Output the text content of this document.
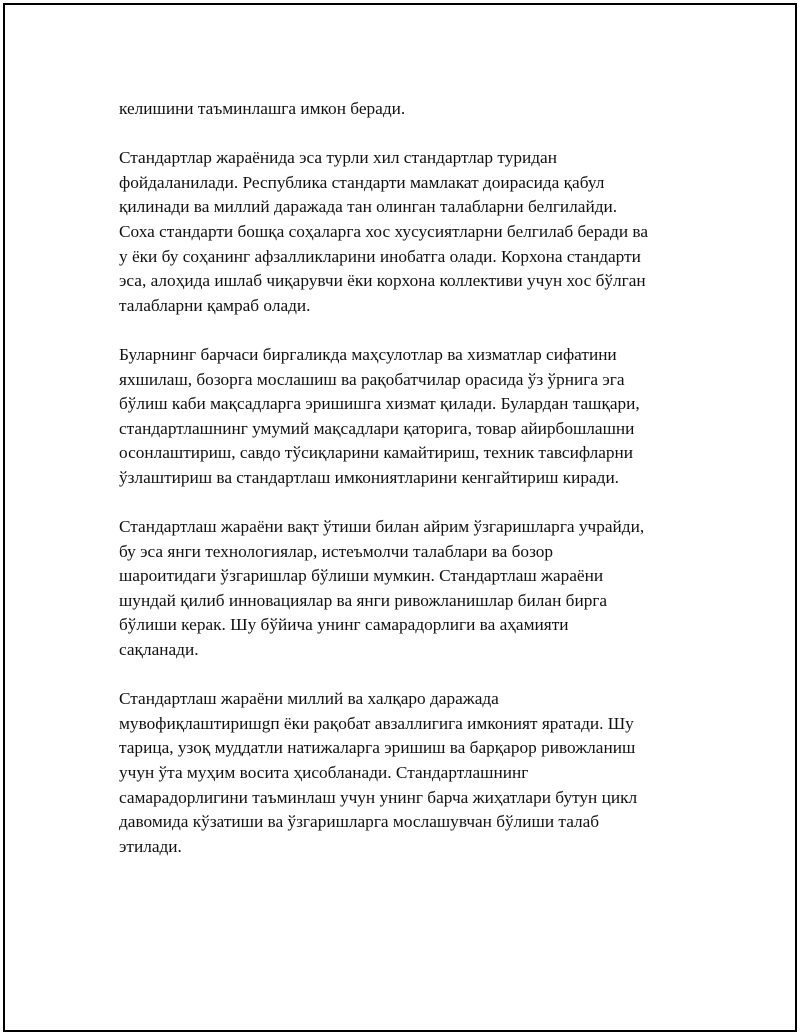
келишини таъминлашга имкон беради.

Стандартлар жараёнида эса турли хил стандартлар туридан
фойдаланилади. Республика стандарти мамлакат доирасида қабул
қилинади ва миллий даражада тан олинган талабларни белгилайди.
Соха стандарти бошқа соҳаларга хос хусусиятларни белгилаб беради ва
у ёки бу соҳанинг афзалликларини инобатга олади. Корхона стандарти
эса, алоҳида ишлаб чиқарувчи ёки корхона коллективи учун хос бўлган
талабларни қамраб олади.

Буларнинг барчаси биргаликда маҳсулотлар ва хизматлар сифатини
яхшилаш, бозорга мослашиш ва рақобатчилар орасида ўз ўрнига эга
бўлиш каби мақсадларга эришишга хизмат қилади. Булардан ташқари,
стандартлашнинг умумий мақсадлари қаторига, товар айирбошлашни
осонлаштириш, савдо тўсиқларини камайтириш, техник тавсифларни
ўзлаштириш ва стандартлаш имкониятларини кенгайтириш киради.

Стандартлаш жараёни вақт ўтиши билан айрим ўзгаришларга учрайди,
бу эса янги технологиялар, истеъмолчи талаблари ва бозор
шароитидаги ўзгаришлар бўлиши мумкин. Стандартлаш жараёни
шундай қилиб инновациялар ва янги ривожланишлар билан бирга
бўлиши керак. Шу бўйича унинг самарадорлиги ва аҳамияти
сақланади.

Стандартлаш жараёни миллий ва халқаро даражада
мувофиқлаштиришgп ёки рақобат авзаллигига имконият яратади. Шу
тарица, узоқ муддатли натижаларга эришиш ва барқарор ривожланиш
учун ўта муҳим восита ҳисобланади. Стандартлашнинг
самарадорлигини таъминлаш учун унинг барча жиҳатлари бутун цикл
давомида кўзатиши ва ўзгаришларга мослашувчан бўлиши талаб
этилади.
